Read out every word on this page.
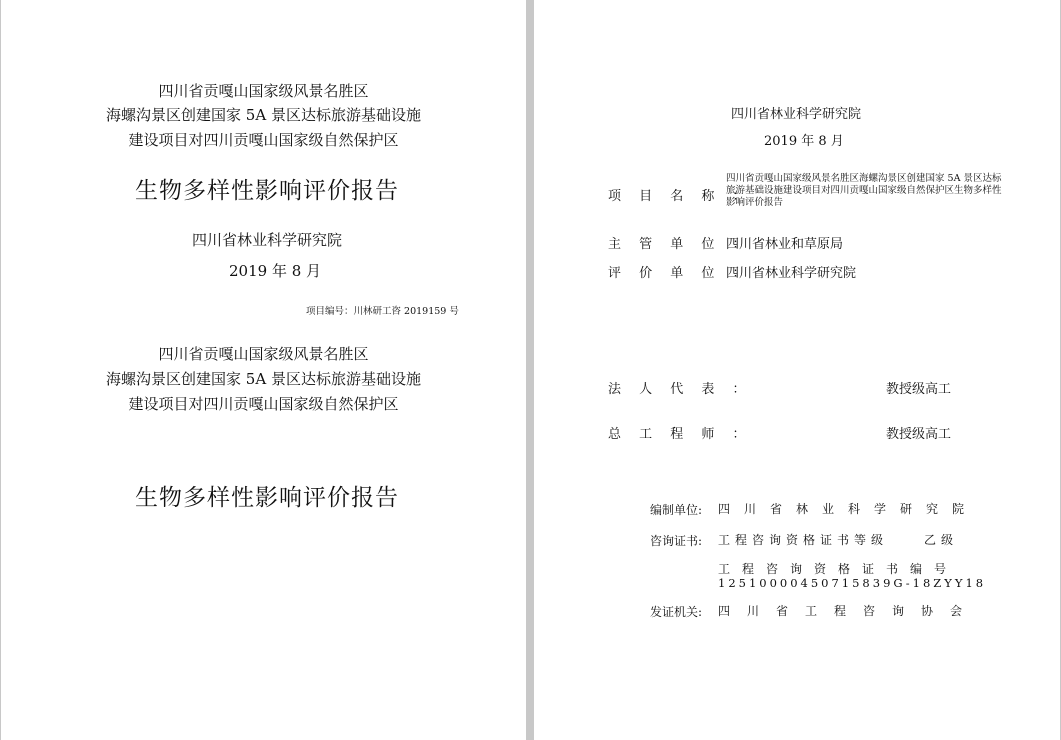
四川省贡嘎山国家级风景名胜区
海螺沟景区创建国家 5A 景区达标旅游基础设施
建设项目对四川贡嘎山国家级自然保护区
生物多样性影响评价报告
四川省林业科学研究院
2019 年 8 月
项目编号：川林研工咨 2019159 号
四川省贡嘎山国家级风景名胜区
海螺沟景区创建国家 5A 景区达标旅游基础设施
建设项目对四川贡嘎山国家级自然保护区
生物多样性影响评价报告
四川省林业科学研究院
2019 年 8 月
项 目 名 称 ：
四川省贡嘎山国家级风景名胜区海螺沟景区创建国家 5A 景区达标旅游基础设施建设项目对四川贡嘎山国家级自然保护区生物多样性影响评价报告
主 管 单 位 ：
四川省林业和草原局
评 价 单 位 ：
四川省林业科学研究院
法 人 代 表 ：	教授级高工
总 工 程 师 ：	教授级高工
编制单位: 四川省林业科学研究院
咨询证书: 工程咨询资格证书等级	乙级
工程咨询资格证书编号
12510000450715839G-18ZYY18
发证机关: 四川省工程咨询协会
